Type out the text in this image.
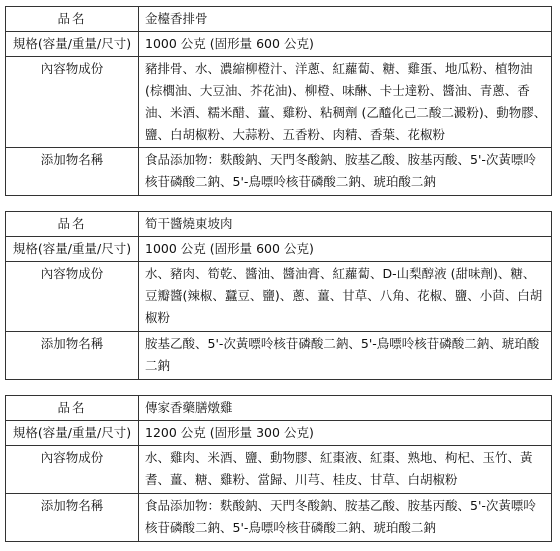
品名	金檯香排骨
規格(容量/重量/尺寸)	1000 公克 (固形量 600 公克)
內容物成份	豬排骨、水、濃縮柳橙汁、洋蔥、紅蘿蔔、糖、雞蛋、地瓜粉、植物油 (棕櫚油、大豆油、芥花油)、柳橙、味醂、卡士達粉、醬油、青蔥、香油、米酒、糯米醋、薑、雞粉、粘稠劑 (乙醯化己二酸二澱粉)、動物膠、鹽、白胡椒粉、大蒜粉、五香粉、肉精、香葉、花椒粉
添加物名稱	食品添加物：麩酸鈉、天門冬酸鈉、胺基乙酸、胺基丙酸、5'-次黃嘌呤核苷磷酸二鈉、5'-鳥嘌呤核苷磷酸二鈉、琥珀酸二鈉
品名	筍干醬燒東坡肉
規格(容量/重量/尺寸)	1000 公克 (固形量 600 公克)
內容物成份	水、豬肉、筍乾、醬油、醬油膏、紅蘿蔔、D-山梨醇液 (甜味劑)、糖、豆瓣醬(辣椒、蠶豆、鹽)、蔥、薑、甘草、八角、花椒、鹽、小茴、白胡椒粉
添加物名稱	胺基乙酸、5'-次黃嘌呤核苷磷酸二鈉、5'-鳥嘌呤核苷磷酸二鈉、琥珀酸二鈉
品名	傳家香藥膳燉雞
規格(容量/重量/尺寸)	1200 公克 (固形量 300 公克)
內容物成份	水、雞肉、米酒、鹽、動物膠、紅棗液、紅棗、熟地、枸杞、玉竹、黃耆、薑、糖、雞粉、當歸、川芎、桂皮、甘草、白胡椒粉
添加物名稱	食品添加物：麩酸鈉、天門冬酸鈉、胺基乙酸、胺基丙酸、5'-次黃嘌呤核苷磷酸二鈉、5'-鳥嘌呤核苷磷酸二鈉、琥珀酸二鈉
